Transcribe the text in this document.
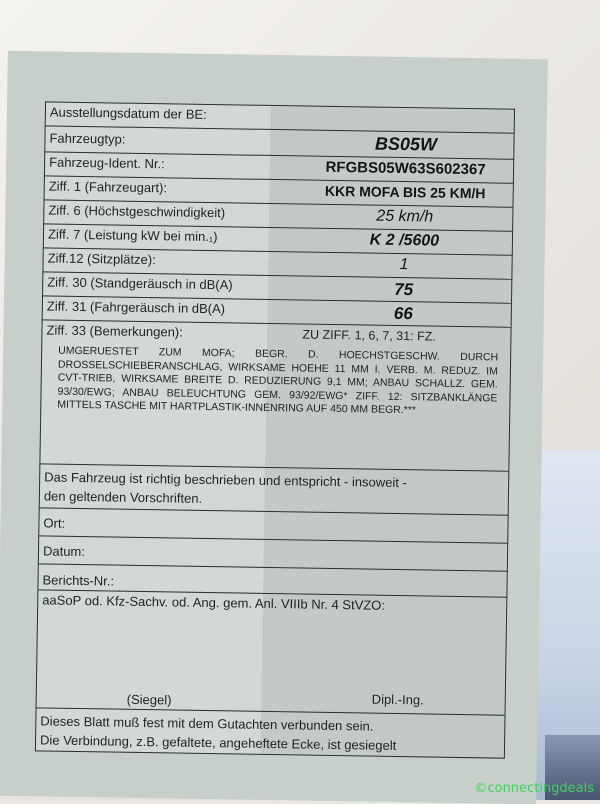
Ausstellungsdatum der BE:
Fahrzeugtyp:	BS05W
Fahrzeug-Ident. Nr.:	RFGBS05W63S602367
Ziff. 1 (Fahrzeugart):	KKR MOFA BIS 25 KM/H
Ziff. 6 (Höchstgeschwindigkeit)	25 km/h
Ziff. 7 (Leistung kW bei min.₁)	K 2 /5600
Ziff.12 (Sitzplätze):	1
Ziff. 30 (Standgeräusch in dB(A)	75
Ziff. 31 (Fahrgeräusch in dB(A)	66
Ziff. 33 (Bemerkungen):	ZU ZIFF. 1, 6, 7, 31: FZ.
UMGERUESTET ZUM MOFA; BEGR. D. HOECHSTGESCHW. DURCH DROSSELSCHIEBERANSCHLAG, WIRKSAME HOEHE 11 MM I. VERB. M. REDUZ. IM CVT-TRIEB, WIRKSAME BREITE D. REDUZIERUNG 9,1 MM; ANBAU SCHALLZ. GEM. 93/30/EWG; ANBAU BELEUCHTUNG GEM. 93/92/EWG* ZIFF. 12: SITZBANKLÄNGE MITTELS TASCHE MIT HARTPLASTIK-INNENRING AUF 450 MM BEGR.***
Das Fahrzeug ist richtig beschrieben und entspricht - insoweit -
den geltenden Vorschriften.
Ort:
Datum:
Berichts-Nr.:
aaSoP od. Kfz-Sachv. od. Ang. gem. Anl. VIIIb Nr. 4 StVZO:
(Siegel)	Dipl.-Ing.
Dieses Blatt muß fest mit dem Gutachten verbunden sein.
Die Verbindung, z.B. gefaltete, angeheftete Ecke, ist gesiegelt
©connectingdeals
